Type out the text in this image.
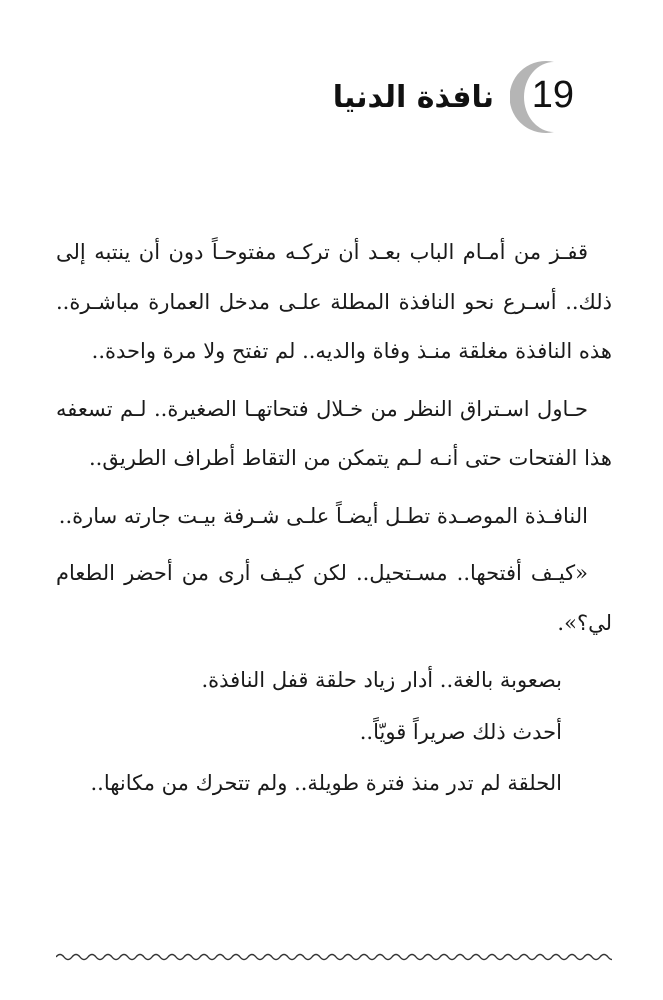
19
نافذة الدنيا

قفـز من أمـام الباب بعـد أن تركـه مفتوحـاً دون أن ينتبه إلى ذلك.. أسـرع نحو النافذة المطلة علـى مدخل العمارة مباشـرة.. هذه النافذة مغلقة منـذ وفاة والديه.. لم تفتح ولا مرة واحدة..

حـاول اسـتراق النظر من خـلال فتحاتهـا الصغيرة.. لـم تسعفه هذا الفتحات حتى أنـه لـم يتمكن من التقاط أطراف الطريق..

النافـذة الموصـدة تطـل أيضـاً علـى شـرفة بيـت جارته سارة..

«كيـف أفتحها.. مسـتحيل.. لكن كيـف أرى من أحضر الطعام لي؟».

بصعوبة بالغة.. أدار زياد حلقة قفل النافذة.

أحدث ذلك صريراً قويّاً..

الحلقة لم تدر منذ فترة طويلة.. ولم تتحرك من مكانها..
